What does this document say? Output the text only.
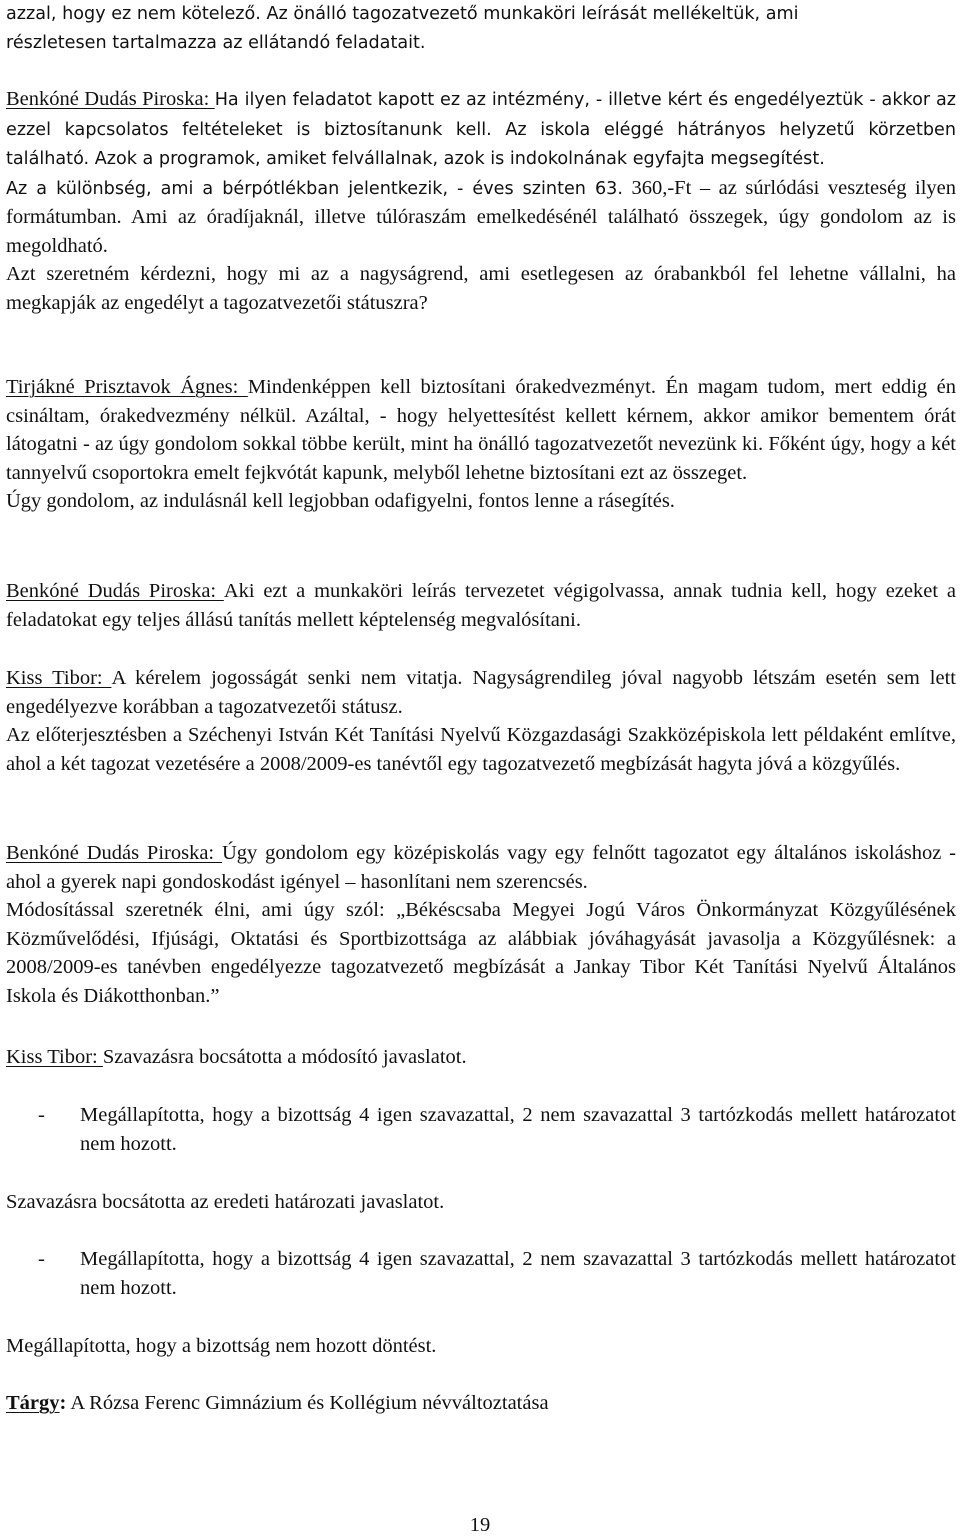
azzal, hogy ez nem kötelező. Az önálló tagozatvezető munkaköri leírását mellékeltük, ami
részletesen tartalmazza az ellátandó feladatait.
Benkóné Dudás Piroska: Ha ilyen feladatot kapott ez az intézmény, - illetve kért és engedélyeztük - akkor az ezzel kapcsolatos feltételeket is biztosítanunk kell. Az iskola eléggé hátrányos helyzetű körzetben található. Azok a programok, amiket felvállalnak, azok is indokolnának egyfajta megsegítést.
Az a különbség, ami a bérpótlékban jelentkezik, - éves szinten 63. 360,-Ft – az súrlódási veszteség ilyen formátumban. Ami az óradíjaknál, illetve túlóraszám emelkedésénél található összegek, úgy gondolom az is megoldható.
Azt szeretném kérdezni, hogy mi az a nagyságrend, ami esetlegesen az órabankból fel lehetne vállalni, ha megkapják az engedélyt a tagozatvezetői státuszra?
Tirjákné Prisztavok Ágnes: Mindenképpen kell biztosítani órakedvezményt. Én magam tudom, mert eddig én csináltam, órakedvezmény nélkül. Azáltal, - hogy helyettesítést kellett kérnem, akkor amikor bementem órát látogatni - az úgy gondolom sokkal többe került, mint ha önálló tagozatvezetőt nevezünk ki. Főként úgy, hogy a két tannyelvű csoportokra emelt fejkvótát kapunk, melyből lehetne biztosítani ezt az összeget.
Úgy gondolom, az indulásnál kell legjobban odafigyelni, fontos lenne a rásegítés.
Benkóné Dudás Piroska: Aki ezt a munkaköri leírás tervezetet végigolvassa, annak tudnia kell, hogy ezeket a feladatokat egy teljes állású tanítás mellett képtelenség megvalósítani.
Kiss Tibor: A kérelem jogosságát senki nem vitatja. Nagyságrendileg jóval nagyobb létszám esetén sem lett engedélyezve korábban a tagozatvezetői státusz.
Az előterjesztésben a Széchenyi István Két Tanítási Nyelvű Közgazdasági Szakközépiskola lett példaként említve, ahol a két tagozat vezetésére a 2008/2009-es tanévtől egy tagozatvezető megbízását hagyta jóvá a közgyűlés.
Benkóné Dudás Piroska: Úgy gondolom egy középiskolás vagy egy felnőtt tagozatot egy általános iskoláshoz - ahol a gyerek napi gondoskodást igényel – hasonlítani nem szerencsés.
Módosítással szeretnék élni, ami úgy szól: „Békéscsaba Megyei Jogú Város Önkormányzat Közgyűlésének Közművelődési, Ifjúsági, Oktatási és Sportbizottsága az alábbiak jóváhagyását javasolja a Közgyűlésnek: a 2008/2009-es tanévben engedélyezze tagozatvezető megbízását a Jankay Tibor Két Tanítási Nyelvű Általános Iskola és Diákotthonban.”
Kiss Tibor: Szavazásra bocsátotta a módosító javaslatot.
- Megállapította, hogy a bizottság 4 igen szavazattal, 2 nem szavazattal 3 tartózkodás mellett határozatot nem hozott.
Szavazásra bocsátotta az eredeti határozati javaslatot.
- Megállapította, hogy a bizottság 4 igen szavazattal, 2 nem szavazattal 3 tartózkodás mellett határozatot nem hozott.
Megállapította, hogy a bizottság nem hozott döntést.
Tárgy: A Rózsa Ferenc Gimnázium és Kollégium névváltoztatása
19
